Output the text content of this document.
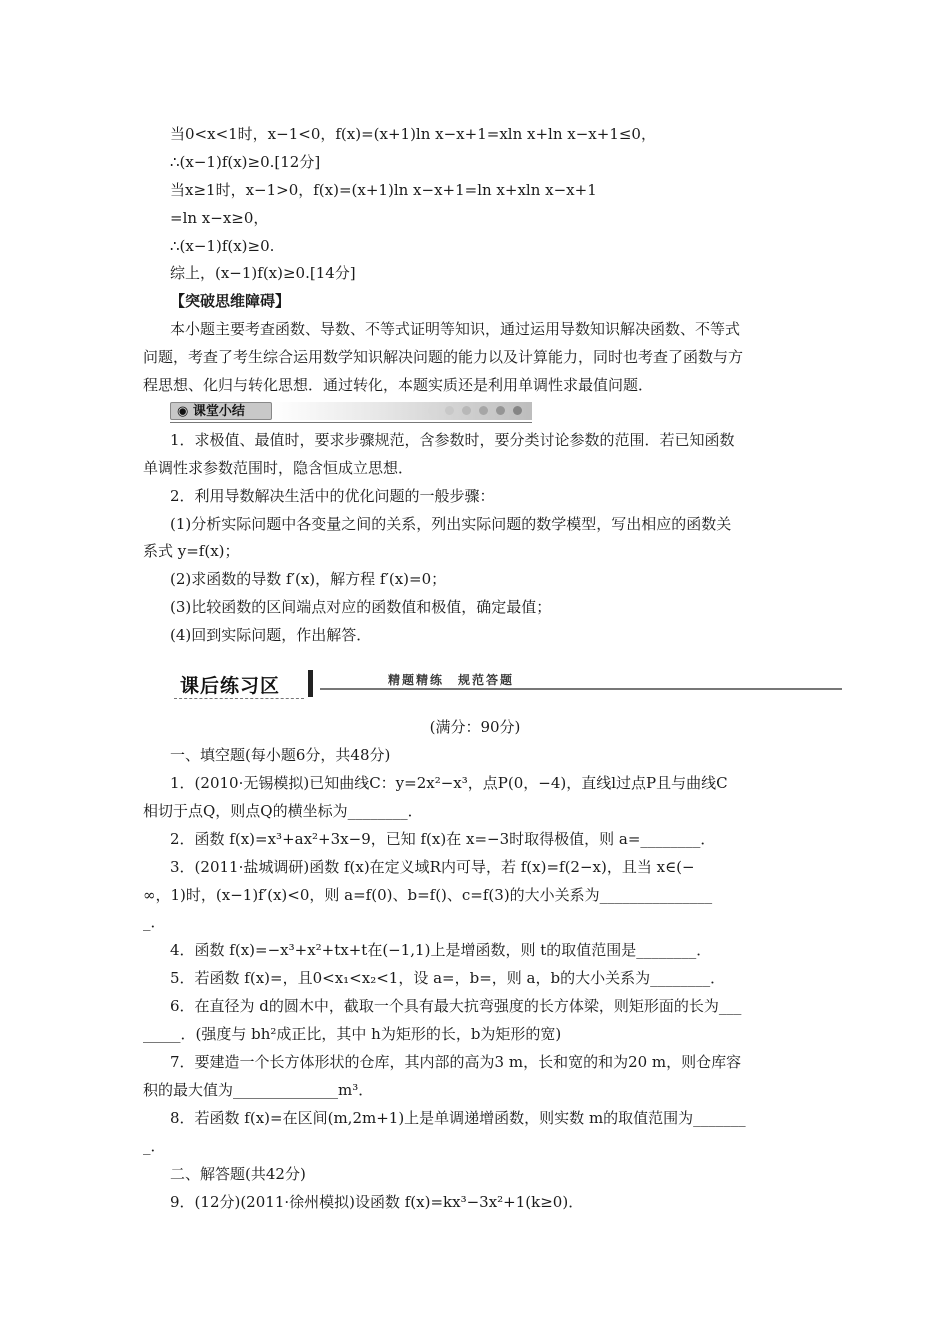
当0<x<1时，x−1<0，f(x)=(x+1)ln x−x+1=xln x+ln x−x+1≤0，
∴(x−1)f(x)≥0.[12分]
当x≥1时，x−1>0，f(x)=(x+1)ln x−x+1=ln x+xln x−x+1
=ln x−x≥0，
∴(x−1)f(x)≥0.
综上，(x−1)f(x)≥0.[14分]
【突破思维障碍】
本小题主要考查函数、导数、不等式证明等知识，通过运用导数知识解决函数、不等式
问题，考查了考生综合运用数学知识解决问题的能力以及计算能力，同时也考查了函数与方
程思想、化归与转化思想．通过转化，本题实质还是利用单调性求最值问题．
◉ 课堂小结
1．求极值、最值时，要求步骤规范，含参数时，要分类讨论参数的范围．若已知函数
单调性求参数范围时，隐含恒成立思想．
2．利用导数解决生活中的优化问题的一般步骤：
(1)分析实际问题中各变量之间的关系，列出实际问题的数学模型，写出相应的函数关
系式 y=f(x)；
(2)求函数的导数 f′(x)，解方程 f′(x)=0；
(3)比较函数的区间端点对应的函数值和极值，确定最值；
(4)回到实际问题，作出解答．
课后练习区	精题精练　规范答题
(满分：90分)
一、填空题(每小题6分，共48分)
1．(2010·无锡模拟)已知曲线C：y=2x²−x³，点P(0，−4)，直线l过点P且与曲线C
相切于点Q，则点Q的横坐标为________．
2．函数 f(x)=x³+ax²+3x−9，已知 f(x)在 x=−3时取得极值，则 a=________．
3．(2011·盐城调研)函数 f(x)在定义域R内可导，若 f(x)=f(2−x)，且当 x∈(−
∞，1)时，(x−1)f′(x)<0，则 a=f(0)、b=f()、c=f(3)的大小关系为_______________
_．
4．函数 f(x)=−x³+x²+tx+t在(−1,1)上是增函数，则 t的取值范围是________．
5．若函数 f(x)=，且0<x₁<x₂<1，设 a=，b=，则 a，b的大小关系为________．
6．在直径为 d的圆木中，截取一个具有最大抗弯强度的长方体梁，则矩形面的长为___
_____．(强度与 bh²成正比，其中 h为矩形的长，b为矩形的宽)
7．要建造一个长方体形状的仓库，其内部的高为3 m，长和宽的和为20 m，则仓库容
积的最大值为______________m³．
8．若函数 f(x)=在区间(m,2m+1)上是单调递增函数，则实数 m的取值范围为_______
_．
二、解答题(共42分)
9．(12分)(2011·徐州模拟)设函数 f(x)=kx³−3x²+1(k≥0)．
